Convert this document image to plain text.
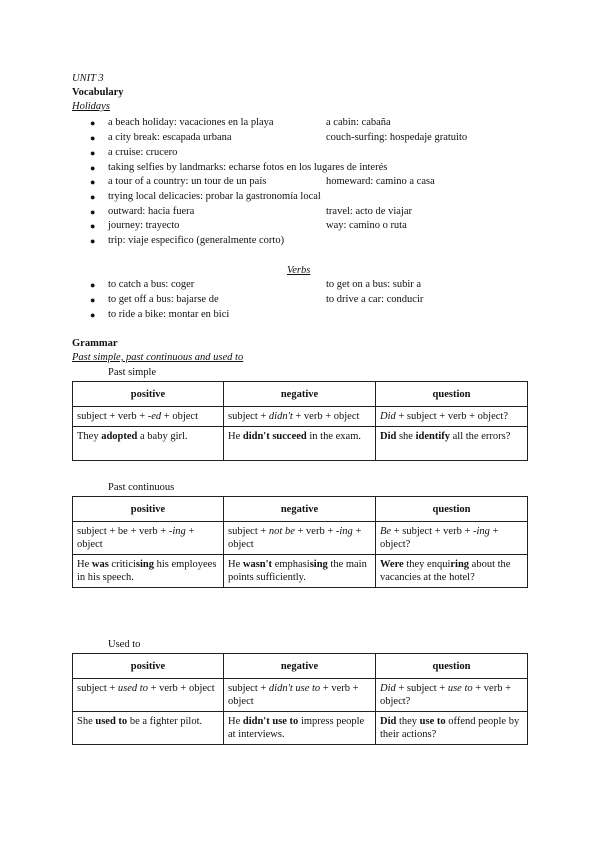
UNIT 3
Vocabulary
Holidays
● a beach holiday: vacaciones en la playa
● a city break: escapada urbana
● a cruise: crucero
● taking selfies by landmarks: echarse fotos en los lugares de interés
● a tour of a country: un tour de un país
● trying local delicacies: probar la gastronomía local
● outward: hacia fuera
● journey: trayecto
● trip: viaje especifico (generalmente corto)
a cabin: cabaña
couch-surfing: hospedaje gratuito
homeward: camino a casa
travel: acto de viajar
way: camino o ruta
Verbs
● to catch a bus: coger
● to get off a bus: bajarse de
● to ride a bike: montar en bici
to get on a bus: subir a
to drive a car: conducir
Grammar
Past simple, past continuous and used to
Past simple
positive	negative	question
subject + verb + -ed + object	subject + didn't + verb + object	Did + subject + verb + object?
They adopted a baby girl.	He didn't succeed in the exam.	Did she identify all the errors?
Past continuous
positive	negative	question
subject + be + verb + -ing + object	subject + not be + verb + -ing + object	Be + subject + verb + -ing + object?
He was criticising his employees in his speech.	He wasn't emphasising the main points sufficiently.	Were they enquiring about the vacancies at the hotel?
Used to
positive	negative	question
subject + used to + verb + object	subject + didn't use to + verb + object	Did + subject + use to + verb + object?
She used to be a fighter pilot.	He didn't use to impress people at interviews.	Did they use to offend people by their actions?
